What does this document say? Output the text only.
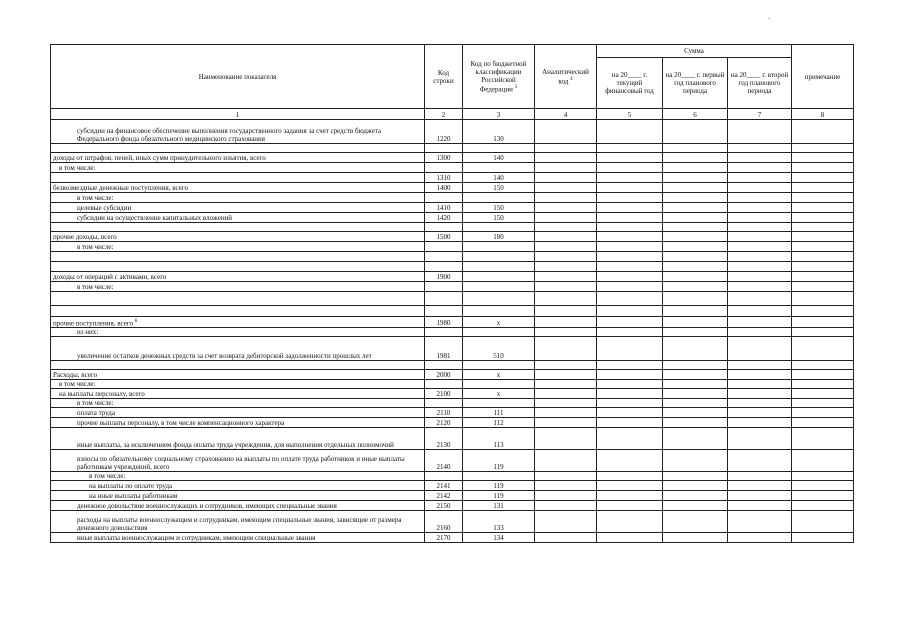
.
Наименование показателя	Код строки	Код по бюджетной классификации Российской Федерации $^3$	Аналитический код $^4$	Сумма			примечание
				на 20____ г. текущий финансовый год	на 20____ г. первый год планового периода	на 20____ г. второй год планового периода	
1	2	3	4	5	6	7	8
субсидии на финансовое обеспечение выполнения государственного задания за счет средств бюджета Федерального фонда обязательного медицинского страхования	1220	130					

доходы от штрафов, пеней, иных сумм принудительного изъятия, всего	1300	140					
в том числе:							
	1310	140					
безвозмездные денежные поступления, всего	1400	150					
в том числе:							
целевые субсидии	1410	150					
субсидии на осуществление капитальных вложений	1420	150					

прочие доходы, всего	1500	180					
в том числе:							

доходы от операций с активами, всего	1900						
в том числе:							

прочие поступления, всего $^6$	1980	х					
из них:							
увеличение остатков денежных средств за счет возврата дебиторской задолженности прошлых лет	1981	510					

Расходы, всего	2000	х					
в том числе:							
на выплаты персоналу, всего	2100	х					
в том числе:							
оплата труда	2110	111					
прочие выплаты персоналу, в том числе компенсационного характера	2120	112					
иные выплаты, за исключением фонда оплаты труда учреждения, для выполнения отдельных полномочий	2130	113					
взносы по обязательному социальному страхованию на выплаты по оплате труда работников и иные выплаты работникам учреждений, всего	2140	119					
в том числе:							
на выплаты по оплате труда	2141	119					
на иные выплаты работникам	2142	119					
денежное довольствие военнослужащих и сотрудников, имеющих специальные звания	2150	131					
расходы на выплаты военнослужащим и сотрудникам, имеющим специальные звания, зависящие от размера денежного довольствия	2160	133					
иные выплаты военнослужащим и сотрудникам, имеющим специальные звания	2170	134					
